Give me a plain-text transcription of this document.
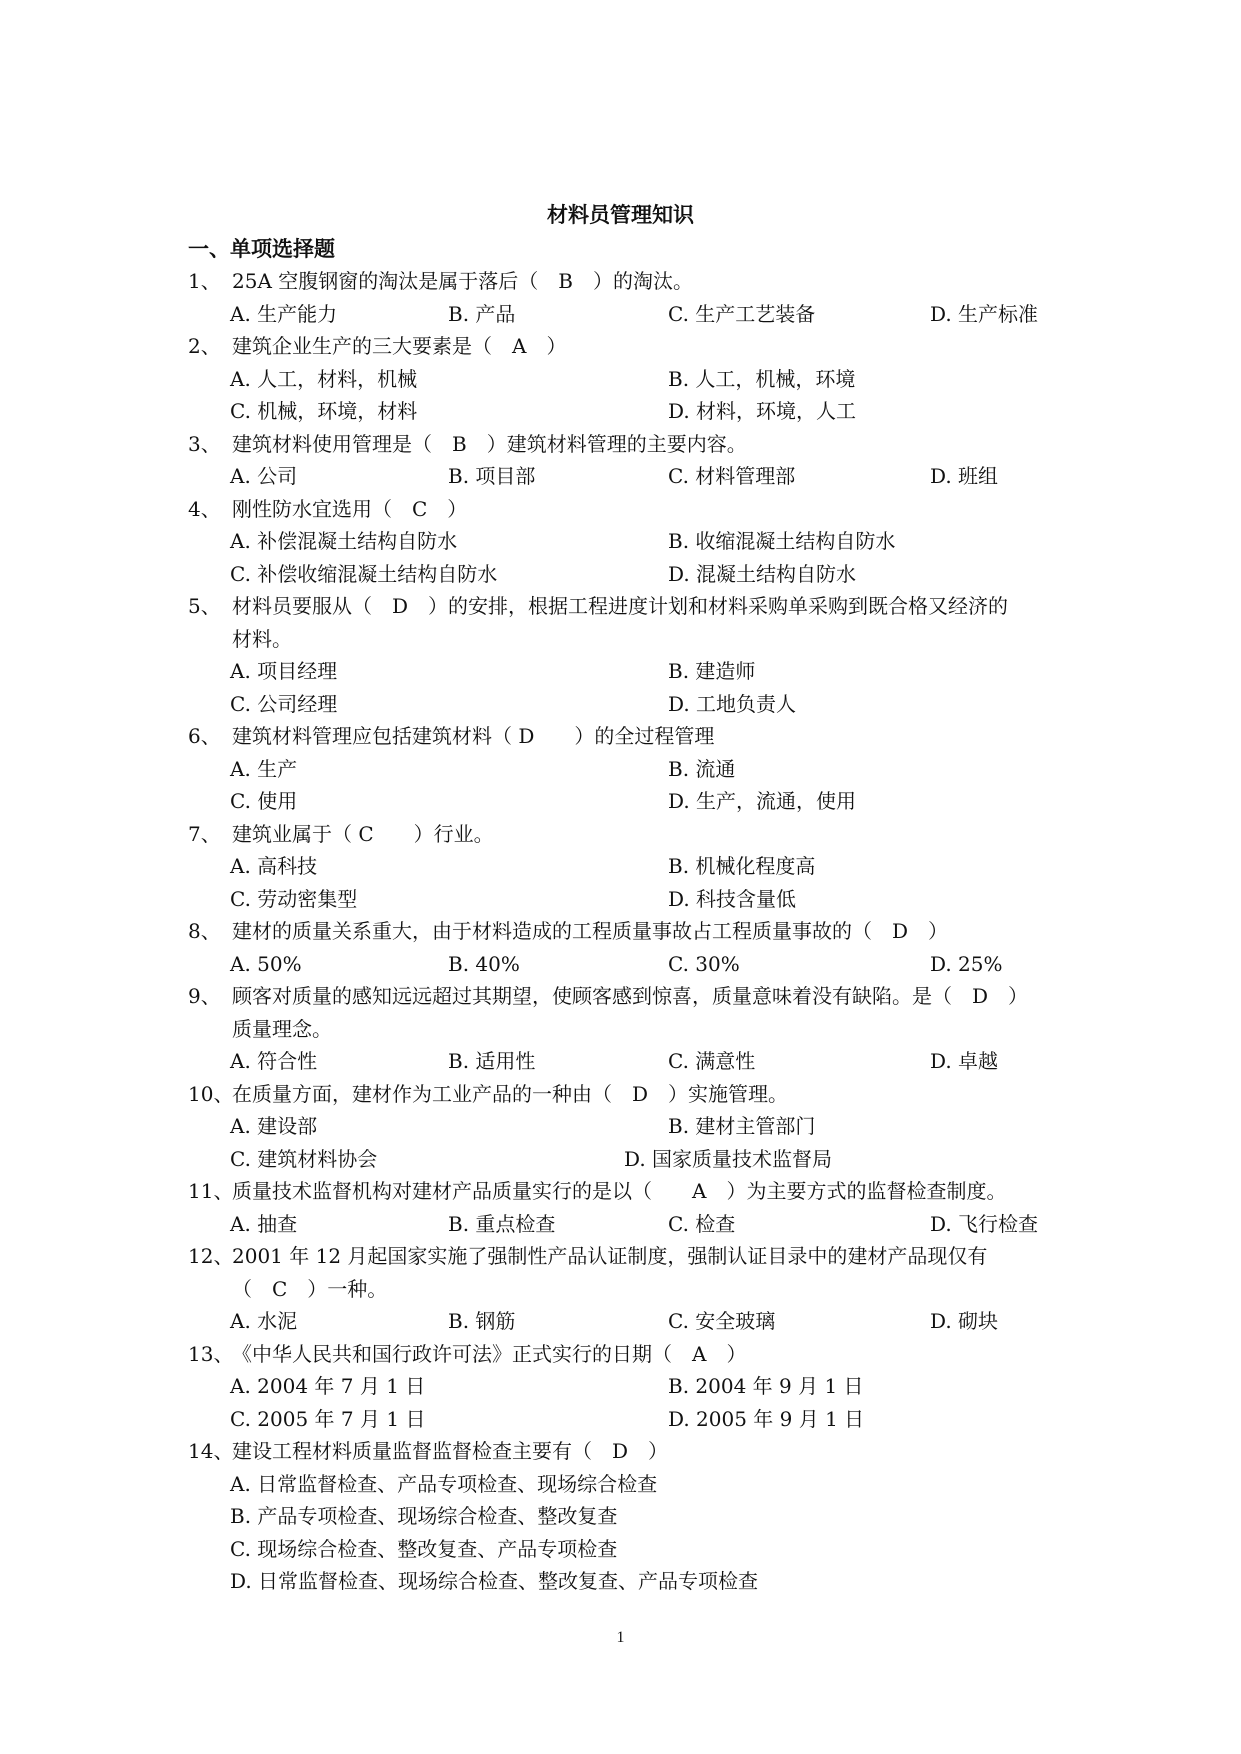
材料员管理知识
一、单项选择题
1、 25A 空腹钢窗的淘汰是属于落后（　B　）的淘汰。
A. 生产能力	B. 产品	C. 生产工艺装备	D. 生产标准
2、 建筑企业生产的三大要素是（　A　）
A. 人工，材料，机械	B. 人工，机械，环境
C. 机械，环境，材料	D. 材料，环境，人工
3、 建筑材料使用管理是（　B　）建筑材料管理的主要内容。
A. 公司	B. 项目部	C. 材料管理部	D. 班组
4、 刚性防水宜选用（　C　）
A. 补偿混凝土结构自防水	B. 收缩混凝土结构自防水
C. 补偿收缩混凝土结构自防水	D. 混凝土结构自防水
5、 材料员要服从（　D　）的安排，根据工程进度计划和材料采购单采购到既合格又经济的
材料。
A. 项目经理	B. 建造师
C. 公司经理	D. 工地负责人
6、 建筑材料管理应包括建筑材料（ D　　）的全过程管理
A. 生产	B. 流通
C. 使用	D. 生产，流通，使用
7、 建筑业属于（ C　　）行业。
A. 高科技	B. 机械化程度高
C. 劳动密集型	D. 科技含量低
8、 建材的质量关系重大，由于材料造成的工程质量事故占工程质量事故的（　D　）
A. 50%	B. 40%	C. 30%	D. 25%
9、 顾客对质量的感知远远超过其期望，使顾客感到惊喜，质量意味着没有缺陷。是（　D　）
质量理念。
A. 符合性	B. 适用性	C. 满意性	D. 卓越
10、
在质量方面，建材作为工业产品的一种由（　D　）实施管理。
A. 建设部	B. 建材主管部门
C. 建筑材料协会	D. 国家质量技术监督局
11、
质量技术监督机构对建材产品质量实行的是以（　　A　）为主要方式的监督检查制度。
A. 抽查	B. 重点检查	C. 检查	D. 飞行检查
12、
2001 年 12 月起国家实施了强制性产品认证制度，强制认证目录中的建材产品现仅有
（　C　）一种。
A. 水泥	B. 钢筋	C. 安全玻璃	D. 砌块
13、
《中华人民共和国行政许可法》正式实行的日期（　A　）
A. 2004 年 7 月 1 日	B. 2004 年 9 月 1 日
C. 2005 年 7 月 1 日	D. 2005 年 9 月 1 日
14、
建设工程材料质量监督监督检查主要有（　D　）
A. 日常监督检查、产品专项检查、现场综合检查
B. 产品专项检查、现场综合检查、整改复查
C. 现场综合检查、整改复查、产品专项检查
D. 日常监督检查、现场综合检查、整改复查、产品专项检查
1
